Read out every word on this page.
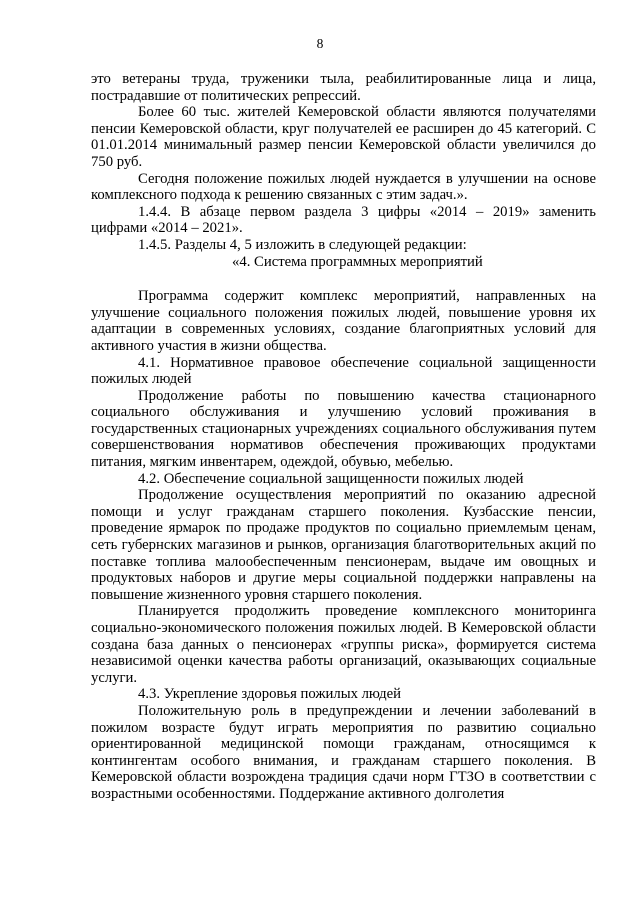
8

это ветераны труда, труженики тыла, реабилитированные лица и лица, пострадавшие от политических репрессий.

Более 60 тыс. жителей Кемеровской области являются получателями пенсии Кемеровской области, круг получателей ее расширен до 45 категорий. С 01.01.2014 минимальный размер пенсии Кемеровской области увеличился до 750 руб.

Сегодня положение пожилых людей нуждается в улучшении на основе комплексного подхода к решению связанных с этим задач.».

1.4.4. В абзаце первом раздела 3 цифры «2014 – 2019» заменить цифрами «2014 – 2021».

1.4.5. Разделы 4, 5 изложить в следующей редакции:

«4. Система программных мероприятий

Программа содержит комплекс мероприятий, направленных на улучшение социального положения пожилых людей, повышение уровня их адаптации в современных условиях, создание благоприятных условий для активного участия в жизни общества.

4.1. Нормативное правовое обеспечение социальной защищенности пожилых людей

Продолжение работы по повышению качества стационарного социального обслуживания и улучшению условий проживания в государственных стационарных учреждениях социального обслуживания путем совершенствования нормативов обеспечения проживающих продуктами питания, мягким инвентарем, одеждой, обувью, мебелью.

4.2. Обеспечение социальной защищенности пожилых людей

Продолжение осуществления мероприятий по оказанию адресной помощи и услуг гражданам старшего поколения. Кузбасские пенсии, проведение ярмарок по продаже продуктов по социально приемлемым ценам, сеть губернских магазинов и рынков, организация благотворительных акций по поставке топлива малообеспеченным пенсионерам, выдаче им овощных и продуктовых наборов и другие меры социальной поддержки направлены на повышение жизненного уровня старшего поколения.

Планируется продолжить проведение комплексного мониторинга социально-экономического положения пожилых людей. В Кемеровской области создана база данных о пенсионерах «группы риска», формируется система независимой оценки качества работы организаций, оказывающих социальные услуги.

4.3. Укрепление здоровья пожилых людей

Положительную роль в предупреждении и лечении заболеваний в пожилом возрасте будут играть мероприятия по развитию социально ориентированной медицинской помощи гражданам, относящимся к контингентам особого внимания, и гражданам старшего поколения. В Кемеровской области возрождена традиция сдачи норм ГТЗО в соответствии с возрастными особенностями. Поддержание активного долголетия
